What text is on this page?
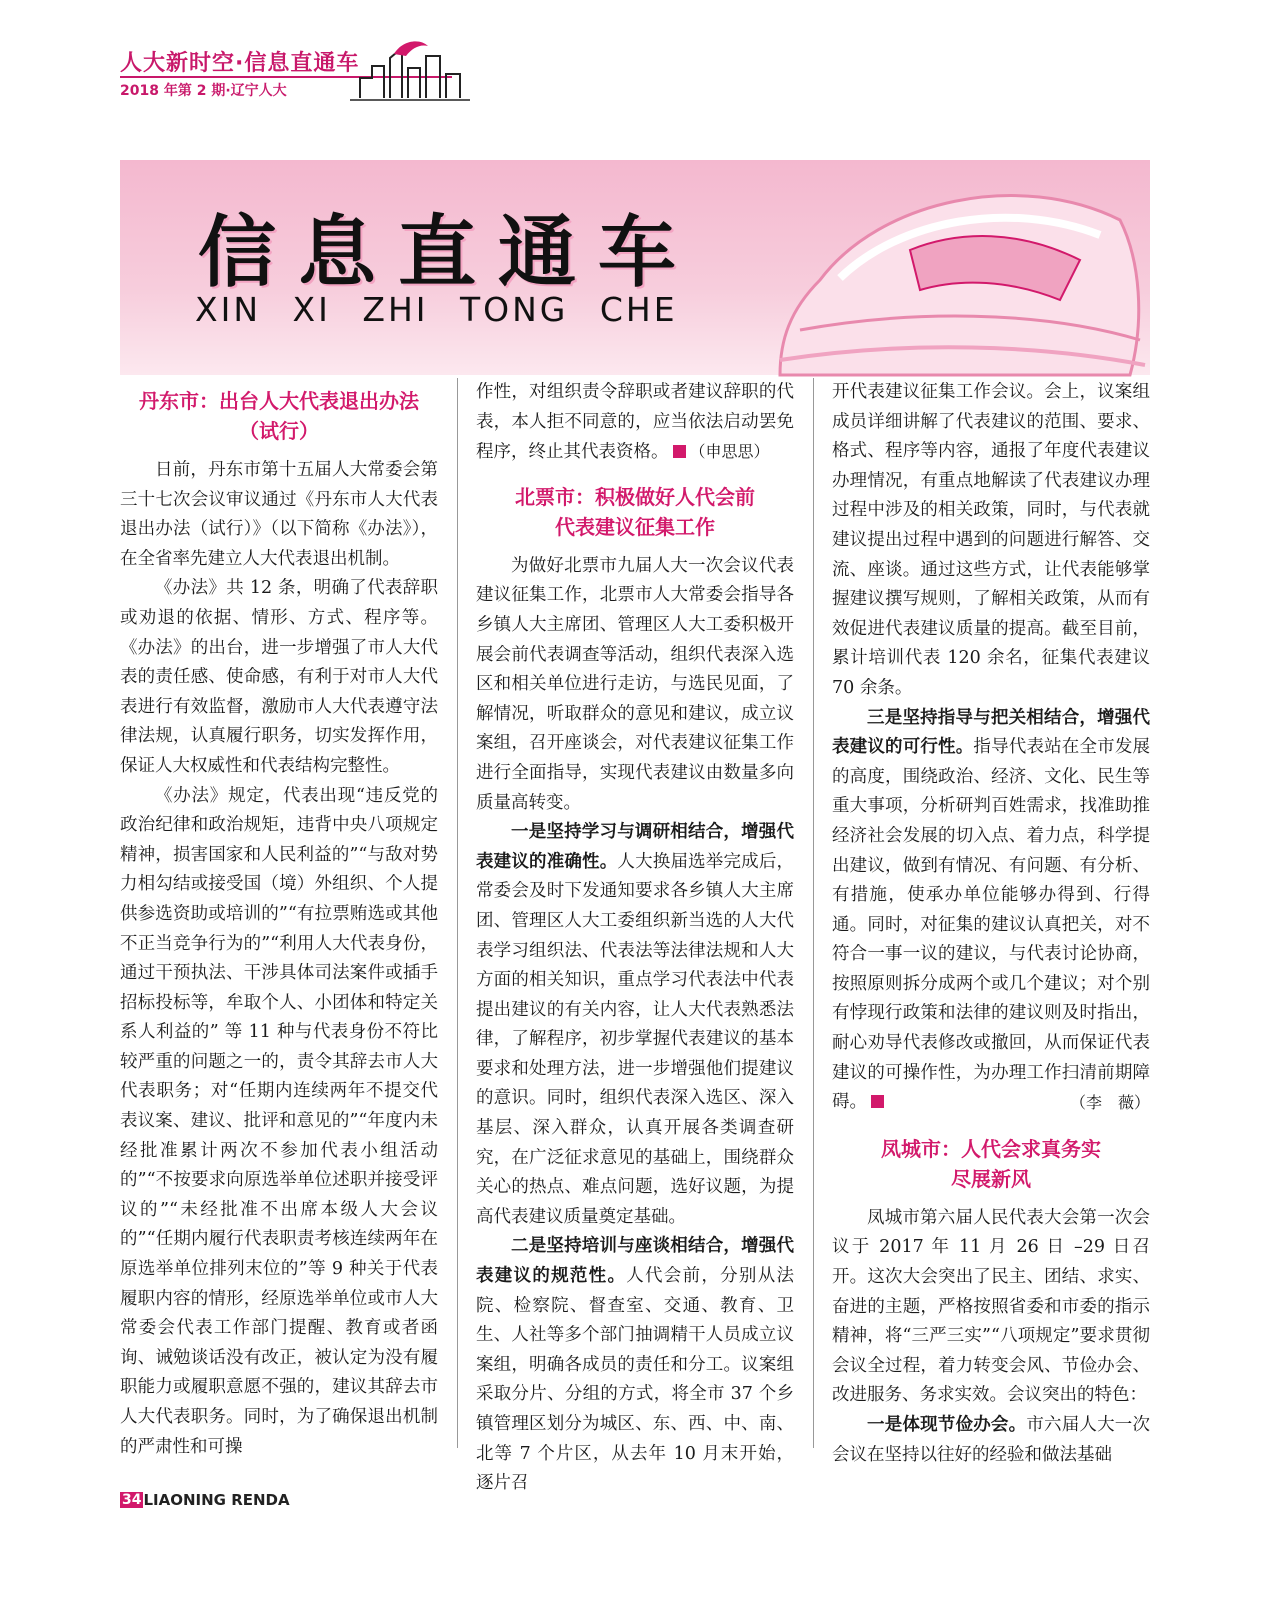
人大新时空·信息直通车
2018 年第 2 期·辽宁人大
信息直通车
XIN XI ZHI TONG CHE
丹东市：出台人大代表退出办法
（试行）

日前，丹东市第十五届人大常委会第三十七次会议审议通过《丹东市人大代表退出办法（试行）》（以下简称《办法》），在全省率先建立人大代表退出机制。

《办法》共 12 条，明确了代表辞职或劝退的依据、情形、方式、程序等。《办法》的出台，进一步增强了市人大代表的责任感、使命感，有利于对市人大代表进行有效监督，激励市人大代表遵守法律法规，认真履行职务，切实发挥作用，保证人大权威性和代表结构完整性。

《办法》规定，代表出现“违反党的政治纪律和政治规矩，违背中央八项规定精神，损害国家和人民利益的”“与敌对势力相勾结或接受国（境）外组织、个人提供参选资助或培训的”“有拉票贿选或其他不正当竞争行为的”“利用人大代表身份，通过干预执法、干涉具体司法案件或插手招标投标等，牟取个人、小团体和特定关系人利益的” 等 11 种与代表身份不符比较严重的问题之一的，责令其辞去市人大代表职务；对“任期内连续两年不提交代表议案、建议、批评和意见的”“年度内未经批准累计两次不参加代表小组活动的”“不按要求向原选举单位述职并接受评议的”“未经批准不出席本级人大会议的”“任期内履行代表职责考核连续两年在原选举单位排列末位的”等 9 种关于代表履职内容的情形，经原选举单位或市人大常委会代表工作部门提醒、教育或者函询、诫勉谈话没有改正，被认定为没有履职能力或履职意愿不强的，建议其辞去市人大代表职务。同时，为了确保退出机制的严肃性和可操

作性，对组织责令辞职或者建议辞职的代表，本人拒不同意的，应当依法启动罢免程序，终止其代表资格。 （申思思）

北票市：积极做好人代会前
代表建议征集工作

为做好北票市九届人大一次会议代表建议征集工作，北票市人大常委会指导各乡镇人大主席团、管理区人大工委积极开展会前代表调查等活动，组织代表深入选区和相关单位进行走访，与选民见面，了解情况，听取群众的意见和建议，成立议案组，召开座谈会，对代表建议征集工作进行全面指导，实现代表建议由数量多向质量高转变。

一是坚持学习与调研相结合，增强代表建议的准确性。人大换届选举完成后，常委会及时下发通知要求各乡镇人大主席团、管理区人大工委组织新当选的人大代表学习组织法、代表法等法律法规和人大方面的相关知识，重点学习代表法中代表提出建议的有关内容，让人大代表熟悉法律，了解程序，初步掌握代表建议的基本要求和处理方法，进一步增强他们提建议的意识。同时，组织代表深入选区、深入基层、深入群众，认真开展各类调查研究，在广泛征求意见的基础上，围绕群众关心的热点、难点问题，选好议题，为提高代表建议质量奠定基础。

二是坚持培训与座谈相结合，增强代表建议的规范性。人代会前，分别从法院、检察院、督查室、交通、教育、卫生、人社等多个部门抽调精干人员成立议案组，明确各成员的责任和分工。议案组采取分片、分组的方式，将全市 37 个乡镇管理区划分为城区、东、西、中、南、北等 7 个片区，从去年 10 月末开始，逐片召

开代表建议征集工作会议。会上，议案组成员详细讲解了代表建议的范围、要求、格式、程序等内容，通报了年度代表建议办理情况，有重点地解读了代表建议办理过程中涉及的相关政策，同时，与代表就建议提出过程中遇到的问题进行解答、交流、座谈。通过这些方式，让代表能够掌握建议撰写规则，了解相关政策，从而有效促进代表建议质量的提高。截至目前，累计培训代表 120 余名，征集代表建议 70 余条。

三是坚持指导与把关相结合，增强代表建议的可行性。指导代表站在全市发展的高度，围绕政治、经济、文化、民生等重大事项，分析研判百姓需求，找准助推经济社会发展的切入点、着力点，科学提出建议，做到有情况、有问题、有分析、有措施，使承办单位能够办得到、行得通。同时，对征集的建议认真把关，对不符合一事一议的建议，与代表讨论协商，按照原则拆分成两个或几个建议；对个别有悖现行政策和法律的建议则及时指出，耐心劝导代表修改或撤回，从而保证代表建议的可操作性，为办理工作扫清前期障碍。	（李　薇）

凤城市：人代会求真务实
尽展新风

凤城市第六届人民代表大会第一次会议于 2017 年 11 月 26 日 –29 日召开。这次大会突出了民主、团结、求实、奋进的主题，严格按照省委和市委的指示精神，将“三严三实”“八项规定”要求贯彻会议全过程，着力转变会风、节俭办会、改进服务、务求实效。会议突出的特色：

一是体现节俭办会。市六届人大一次会议在坚持以往好的经验和做法基础

34 LIAONING RENDA
